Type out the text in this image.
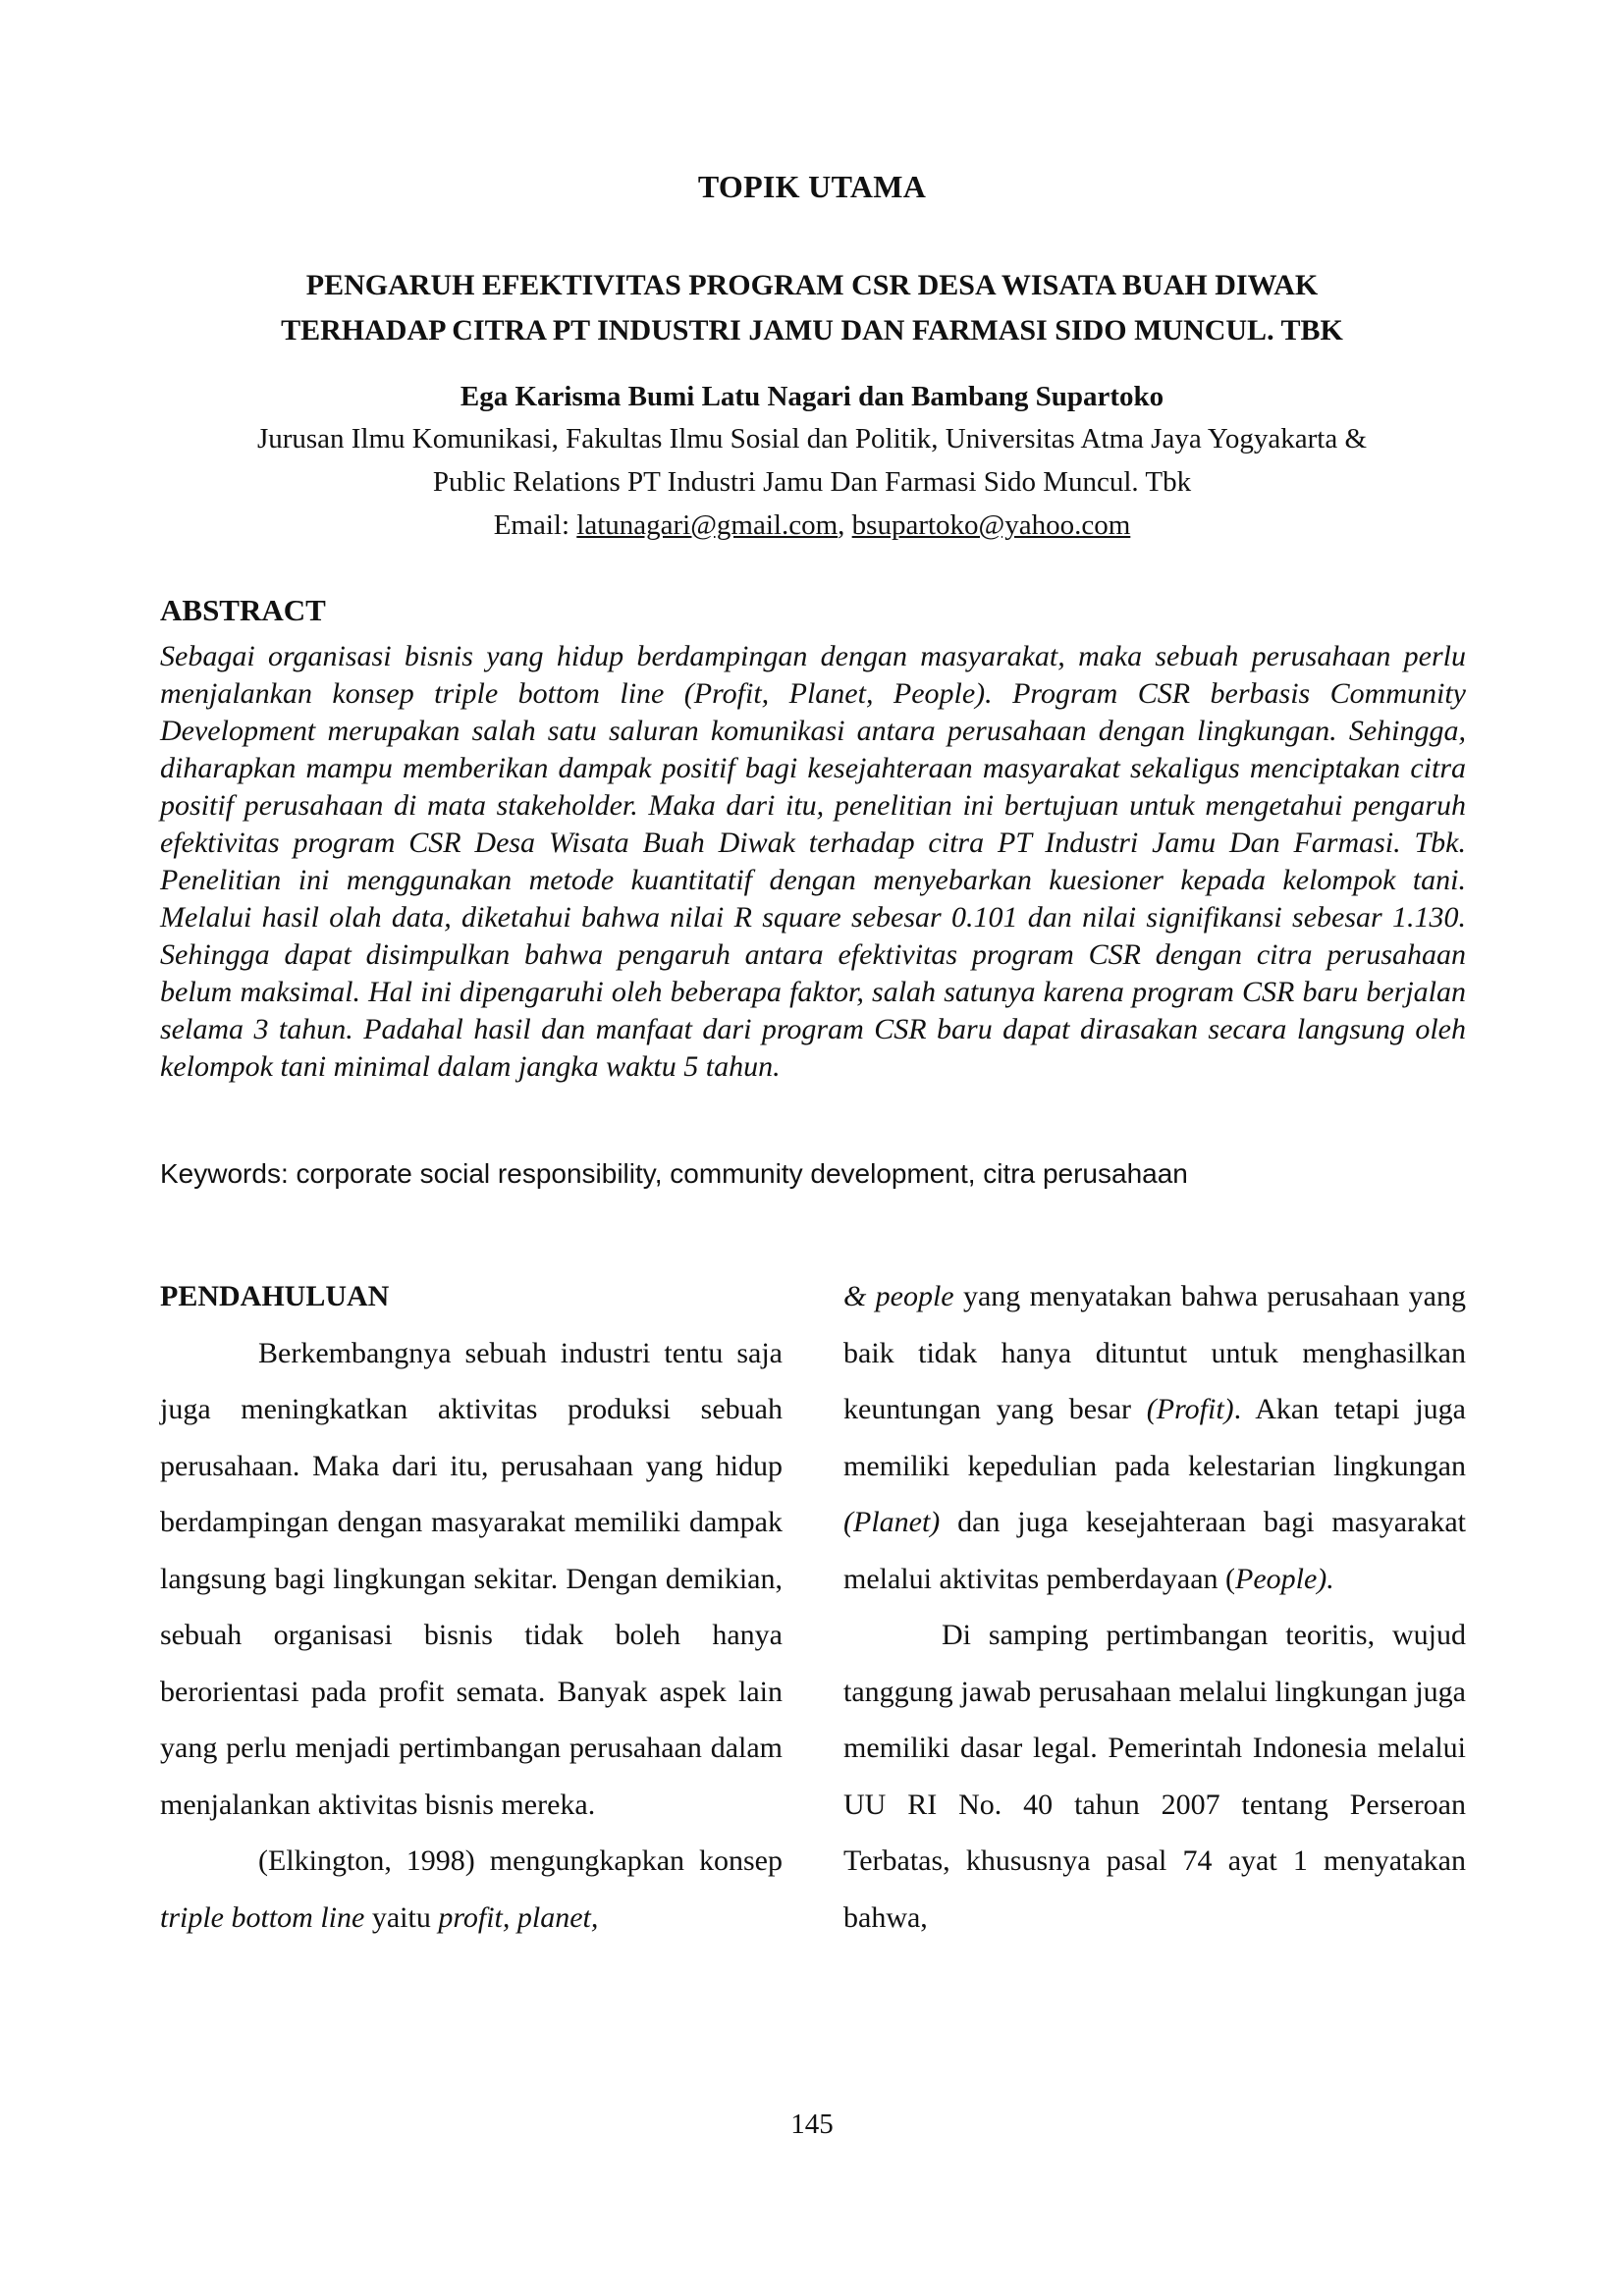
TOPIK UTAMA
PENGARUH EFEKTIVITAS PROGRAM CSR DESA WISATA BUAH DIWAK
TERHADAP CITRA PT INDUSTRI JAMU DAN FARMASI SIDO MUNCUL. TBK
Ega Karisma Bumi Latu Nagari dan Bambang Supartoko
Jurusan Ilmu Komunikasi, Fakultas Ilmu Sosial dan Politik, Universitas Atma Jaya Yogyakarta &
Public Relations PT Industri Jamu Dan Farmasi Sido Muncul. Tbk
Email: latunagari@gmail.com, bsupartoko@yahoo.com
ABSTRACT
Sebagai organisasi bisnis yang hidup berdampingan dengan masyarakat, maka sebuah perusahaan perlu menjalankan konsep triple bottom line (Profit, Planet, People). Program CSR berbasis Community Development merupakan salah satu saluran komunikasi antara perusahaan dengan lingkungan. Sehingga, diharapkan mampu memberikan dampak positif bagi kesejahteraan masyarakat sekaligus menciptakan citra positif perusahaan di mata stakeholder. Maka dari itu, penelitian ini bertujuan untuk mengetahui pengaruh efektivitas program CSR Desa Wisata Buah Diwak terhadap citra PT Industri Jamu Dan Farmasi. Tbk. Penelitian ini menggunakan metode kuantitatif dengan menyebarkan kuesioner kepada kelompok tani. Melalui hasil olah data, diketahui bahwa nilai R square sebesar 0.101 dan nilai signifikansi sebesar 1.130. Sehingga dapat disimpulkan bahwa pengaruh antara efektivitas program CSR dengan citra perusahaan belum maksimal. Hal ini dipengaruhi oleh beberapa faktor, salah satunya karena program CSR baru berjalan selama 3 tahun. Padahal hasil dan manfaat dari program CSR baru dapat dirasakan secara langsung oleh kelompok tani minimal dalam jangka waktu 5 tahun.
Keywords: corporate social responsibility, community development, citra perusahaan

PENDAHULUAN

Berkembangnya sebuah industri tentu saja juga meningkatkan aktivitas produksi sebuah perusahaan. Maka dari itu, perusahaan yang hidup berdampingan dengan masyarakat memiliki dampak langsung bagi lingkungan sekitar. Dengan demikian, sebuah organisasi bisnis tidak boleh hanya berorientasi pada profit semata. Banyak aspek lain yang perlu menjadi pertimbangan perusahaan dalam menjalankan aktivitas bisnis mereka.

(Elkington, 1998) mengungkapkan konsep triple bottom line yaitu profit, planet,

& people yang menyatakan bahwa perusahaan yang baik tidak hanya dituntut untuk menghasilkan keuntungan yang besar (Profit). Akan tetapi juga memiliki kepedulian pada kelestarian lingkungan (Planet) dan juga kesejahteraan bagi masyarakat melalui aktivitas pemberdayaan (People).

Di samping pertimbangan teoritis, wujud tanggung jawab perusahaan melalui lingkungan juga memiliki dasar legal. Pemerintah Indonesia melalui UU RI No. 40 tahun 2007 tentang Perseroan Terbatas, khususnya pasal 74 ayat 1 menyatakan bahwa,

145
